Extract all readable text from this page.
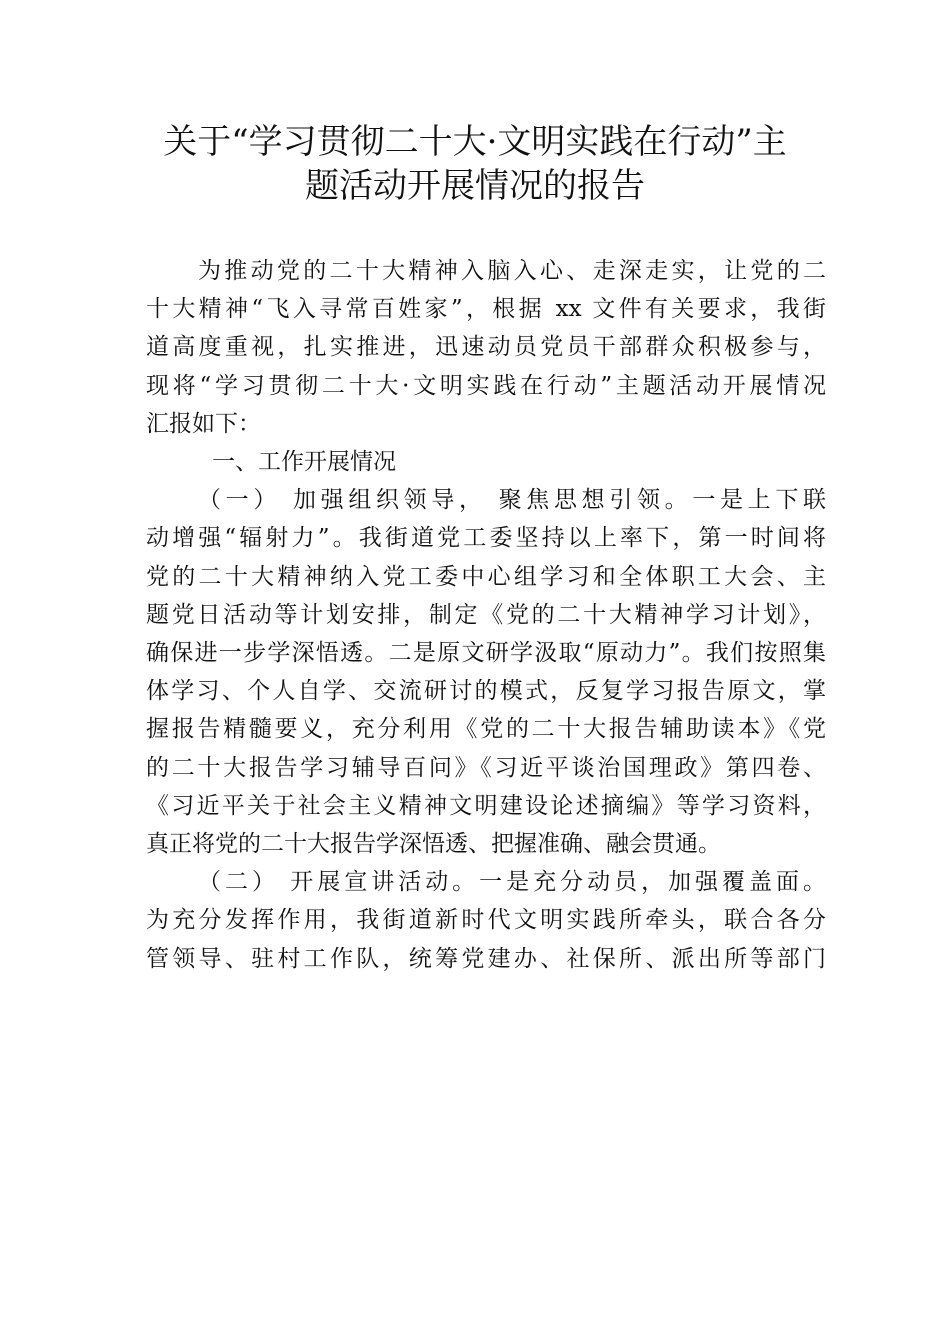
关于“学习贯彻二十大·文明实践在行动”主
题活动开展情况的报告
为推动党的二十大精神入脑入心、走深走实，让党的二
十大精神“飞入寻常百姓家”，根据 xx 文件有关要求，我街
道高度重视，扎实推进，迅速动员党员干部群众积极参与，
现将“学习贯彻二十大·文明实践在行动”主题活动开展情况
汇报如下：
一、工作开展情况
（一） 加强组织领导， 聚焦思想引领。一是上下联
动增强“辐射力”。我街道党工委坚持以上率下，第一时间将
党的二十大精神纳入党工委中心组学习和全体职工大会、主
题党日活动等计划安排，制定《党的二十大精神学习计划》，
确保进一步学深悟透。二是原文研学汲取“原动力”。我们按照集
体学习、个人自学、交流研讨的模式，反复学习报告原文，掌
握报告精髓要义，充分利用《党的二十大报告辅助读本》《党
的二十大报告学习辅导百问》《习近平谈治国理政》第四卷、
《习近平关于社会主义精神文明建设论述摘编》等学习资料，
真正将党的二十大报告学深悟透、把握准确、融会贯通。
（二） 开展宣讲活动。一是充分动员，加强覆盖面。
为充分发挥作用，我街道新时代文明实践所牵头，联合各分
管领导、驻村工作队，统筹党建办、社保所、派出所等部门
